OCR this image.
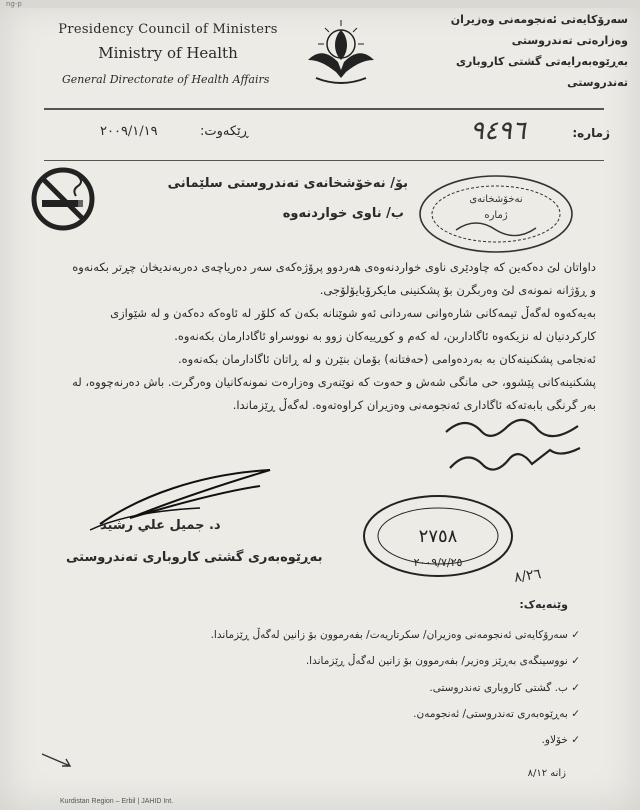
ng-p
Presidency Council of Ministers
Ministry of Health
General Directorate of Health Affairs
سەرۆکایەتی ئەنجومەنی وەزیران
وەزارەتی تەندروستی
بەڕێوەبەرایەتی گشتی کاروباری تەندروستی
٢٠٠٩/١/١٩	ڕێکەوت:	٩٤٩٦	ژمارە:
بۆ/ نەخۆشخانەی تەندروستی سلێمانی
ب/ ناوی خواردنەوە
نەخۆشخانەی
ژمارە

داواتان لێ دەکەین کە چاودێری ناوی خواردنەوەی هەردوو پرۆژەکەی سەر دەریاچەی دەربەندیخان چڕتر بکەنەوە و ڕۆژانە نمونەی لێ وەربگرن بۆ پشکنینی مایکرۆبایۆلۆجی.

بەیەکەوە لەگەڵ تیمەکانی شارەوانی سەردانی ئەو شوێنانە بکەن کە کلۆر لە ئاوەکە دەکەن و لە شێوازی کارکردنیان لە نزیکەوە ئاگاداربن، لە کەم و کوڕییەکان زوو بە نووسراو ئاگادارمان بکەنەوە.

ئەنجامی پشکنینەکان بە بەردەوامی (حەفتانە) بۆمان بنێرن و لە ڕاتان ئاگادارمان بکەنەوە.

پشکنینەکانی پێشوو، حی مانگی شەش و حەوت کە نوێنەری وەزارەت نمونەکانیان وەرگرت. باش دەرنەچووە، لە بەر گرنگی بابەتەکە ئاگاداری ئەنجومەنی وەزیران کراوەتەوە. لەگەڵ ڕێزماندا.

د. جميل علي رشيد
بەڕێوەبەری گشتی کاروباری تەندروستی
٢٧٥٨
٢٠٠٩/٧/٢٥
٨/٢٦
وێنەیەک:
✓ سەرۆکایەتی ئەنجومەنی وەزیران/ سکرتاریەت/ بفەرموون بۆ زانین لەگەڵ ڕێزماندا.
✓ نووسینگەی بەڕێز وەزیر/ بفەرموون بۆ زانین لەگەڵ ڕێزماندا.
✓ ب. گشتی کاروباری تەندروستی.
✓ بەڕێوەبەری تەندروستی/ ئەنجومەن.
✓ خۆلاو.
زانە ٨/١٢
Kurdistan Region – Erbil | JAHID Int.
